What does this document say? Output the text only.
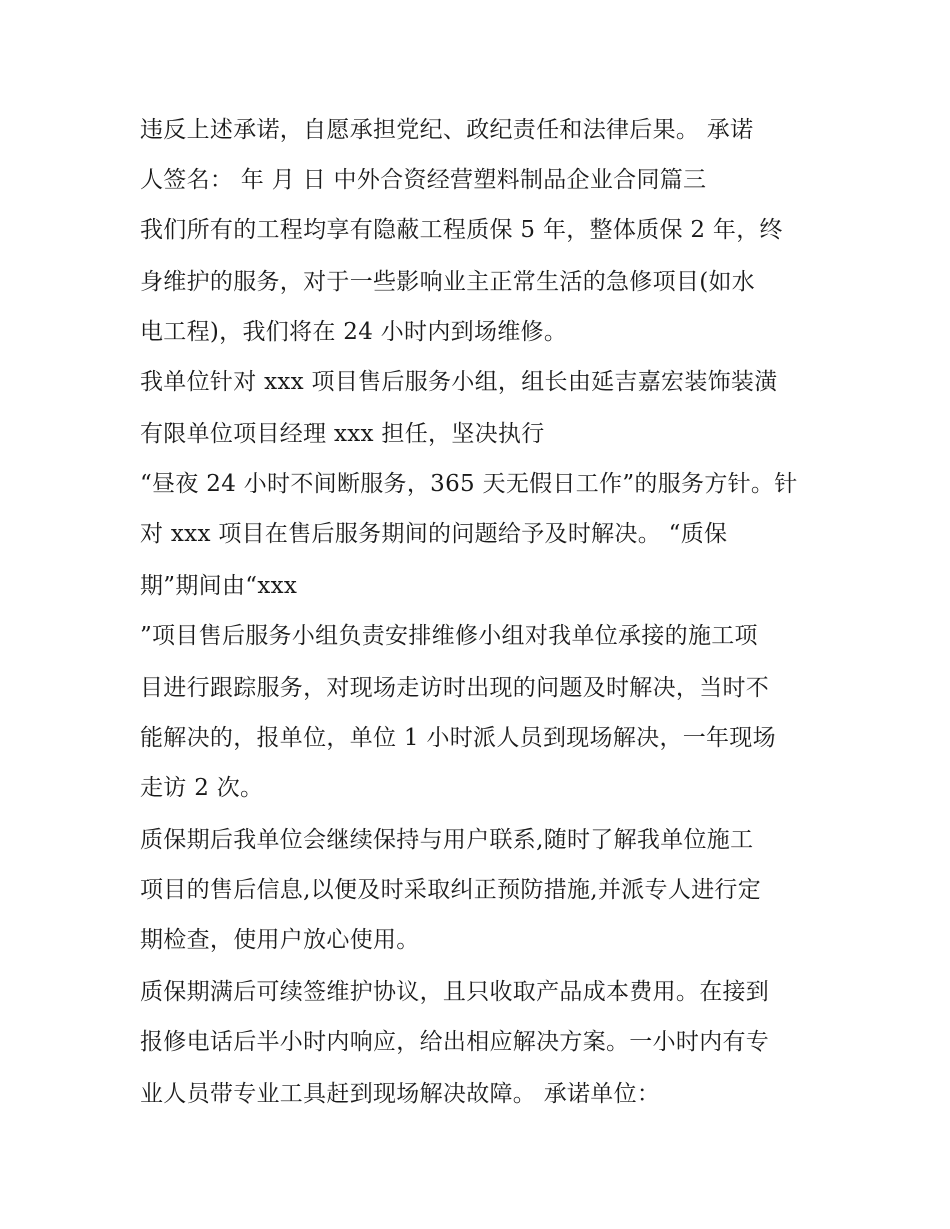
违反上述承诺，自愿承担党纪、政纪责任和法律后果。 承诺
人签名： 年 月 日 中外合资经营塑料制品企业合同篇三
我们所有的工程均享有隐蔽工程质保 5 年，整体质保 2 年，终
身维护的服务，对于一些影响业主正常生活的急修项目(如水
电工程)，我们将在 24 小时内到场维修。
我单位针对 xxx 项目售后服务小组，组长由延吉嘉宏装饰装潢
有限单位项目经理 xxx 担任，坚决执行
“昼夜 24 小时不间断服务，365 天无假日工作”的服务方针。针
对 xxx 项目在售后服务期间的问题给予及时解决。 “质保
期”期间由“xxx
”项目售后服务小组负责安排维修小组对我单位承接的施工项
目进行跟踪服务，对现场走访时出现的问题及时解决，当时不
能解决的，报单位，单位 1 小时派人员到现场解决，一年现场
走访 2 次。
质保期后我单位会继续保持与用户联系,随时了解我单位施工
项目的售后信息,以便及时采取纠正预防措施,并派专人进行定
期检查，使用户放心使用。
质保期满后可续签维护协议，且只收取产品成本费用。在接到
报修电话后半小时内响应，给出相应解决方案。一小时内有专
业人员带专业工具赶到现场解决故障。 承诺单位：
